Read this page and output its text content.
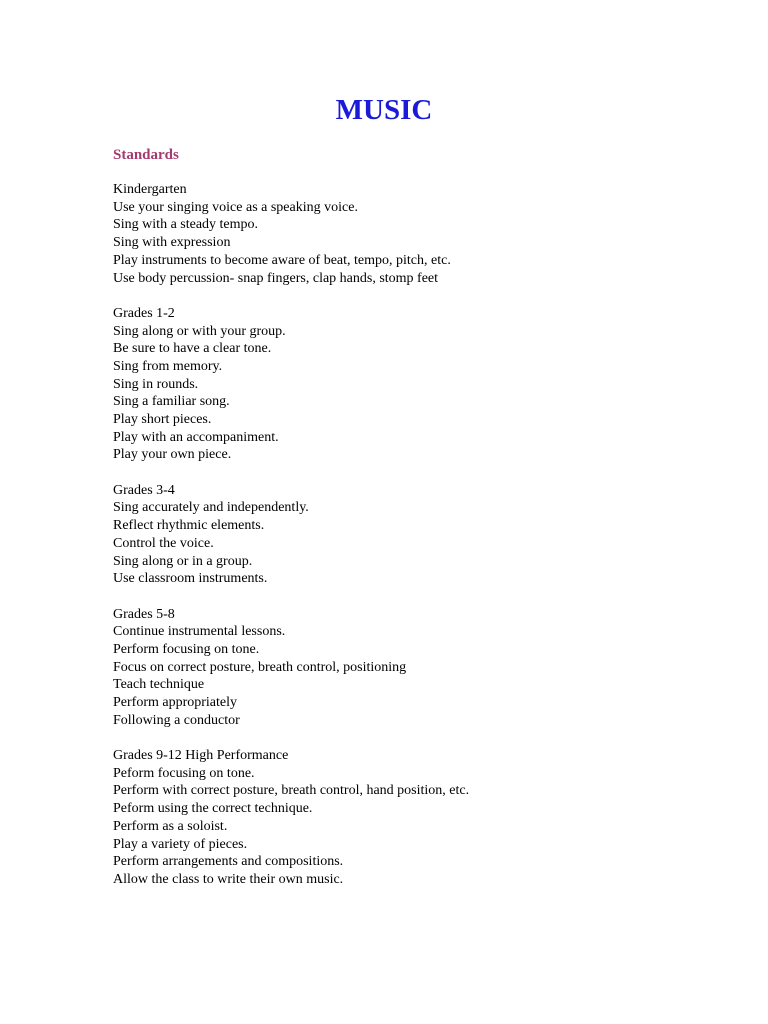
MUSIC
Standards
Kindergarten
Use your singing voice as a speaking voice.
Sing with a steady tempo.
Sing with expression
Play instruments to become aware of beat, tempo, pitch, etc.
Use body percussion- snap fingers, clap hands, stomp feet
Grades 1-2
Sing along or with your group.
Be sure to have a clear tone.
Sing from memory.
Sing in rounds.
Sing a familiar song.
Play short pieces.
Play with an accompaniment.
Play your own piece.
Grades 3-4
Sing accurately and independently.
Reflect rhythmic elements.
Control the voice.
Sing along or in a group.
Use classroom instruments.
Grades 5-8
Continue instrumental lessons.
Perform focusing on tone.
Focus on correct posture, breath control, positioning
Teach technique
Perform appropriately
Following a conductor
Grades 9-12 High Performance
Peform focusing on tone.
Perform with correct posture, breath control, hand position, etc.
Peform using the correct technique.
Perform as a soloist.
Play a variety of pieces.
Perform arrangements and compositions.
Allow the class to write their own music.
